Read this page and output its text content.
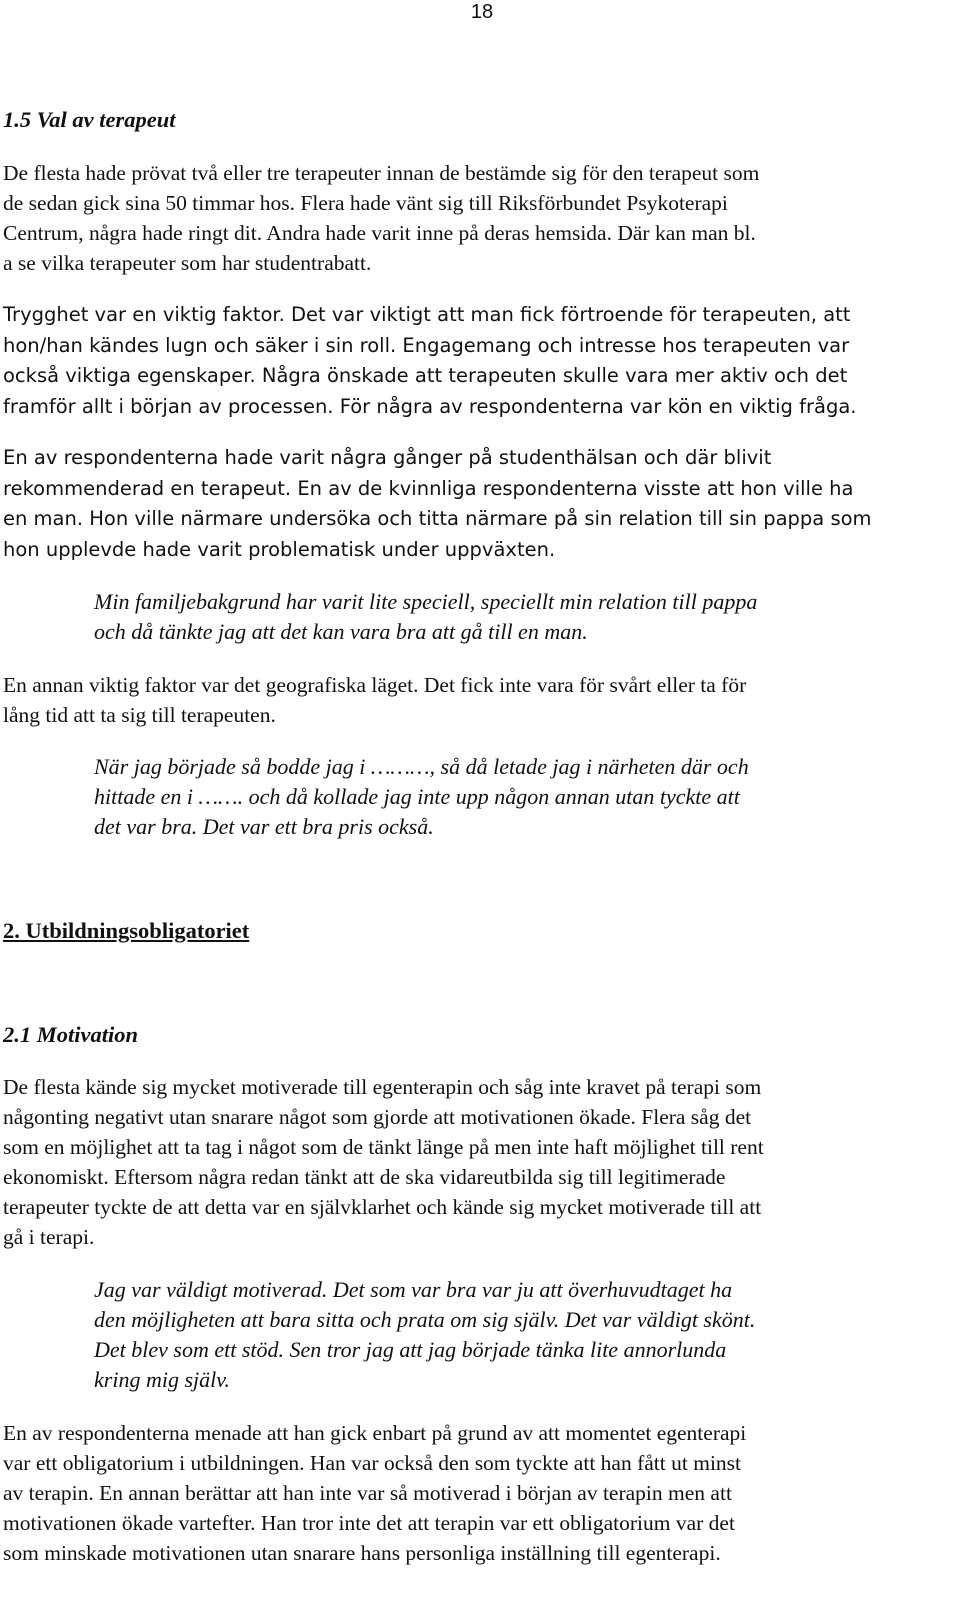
18
1.5 Val av terapeut
De flesta hade prövat två eller tre terapeuter innan de bestämde sig för den terapeut som
de sedan gick sina 50 timmar hos. Flera hade vänt sig till Riksförbundet Psykoterapi
Centrum, några hade ringt dit. Andra hade varit inne på deras hemsida. Där kan man bl.
a se vilka terapeuter som har studentrabatt.
Trygghet var en viktig faktor. Det var viktigt att man fick förtroende för terapeuten, att
hon/han kändes lugn och säker i sin roll. Engagemang och intresse hos terapeuten var
också viktiga egenskaper. Några önskade att terapeuten skulle vara mer aktiv och det
framför allt i början av processen. För några av respondenterna var kön en viktig fråga.
En av respondenterna hade varit några gånger på studenthälsan och där blivit
rekommenderad en terapeut. En av de kvinnliga respondenterna visste att hon ville ha
en man. Hon ville närmare undersöka och titta närmare på sin relation till sin pappa som
hon upplevde hade varit problematisk under uppväxten.
Min familjebakgrund har varit lite speciell, speciellt min relation till pappa
och då tänkte jag att det kan vara bra att gå till en man.
En annan viktig faktor var det geografiska läget. Det fick inte vara för svårt eller ta för
lång tid att ta sig till terapeuten.
När jag började så bodde jag i ………, så då letade jag i närheten där och
hittade en i ……. och då kollade jag inte upp någon annan utan tyckte att
det var bra. Det var ett bra pris också.
2. Utbildningsobligatoriet
2.1 Motivation
De flesta kände sig mycket motiverade till egenterapin och såg inte kravet på terapi som
någonting negativt utan snarare något som gjorde att motivationen ökade. Flera såg det
som en möjlighet att ta tag i något som de tänkt länge på men inte haft möjlighet till rent
ekonomiskt. Eftersom några redan tänkt att de ska vidareutbilda sig till legitimerade
terapeuter tyckte de att detta var en självklarhet och kände sig mycket motiverade till att
gå i terapi.
Jag var väldigt motiverad. Det som var bra var ju att överhuvudtaget ha
den möjligheten att bara sitta och prata om sig själv. Det var väldigt skönt.
Det blev som ett stöd. Sen tror jag att jag började tänka lite annorlunda
kring mig själv.
En av respondenterna menade att han gick enbart på grund av att momentet egenterapi
var ett obligatorium i utbildningen. Han var också den som tyckte att han fått ut minst
av terapin. En annan berättar att han inte var så motiverad i början av terapin men att
motivationen ökade vartefter. Han tror inte det att terapin var ett obligatorium var det
som minskade motivationen utan snarare hans personliga inställning till egenterapi.
